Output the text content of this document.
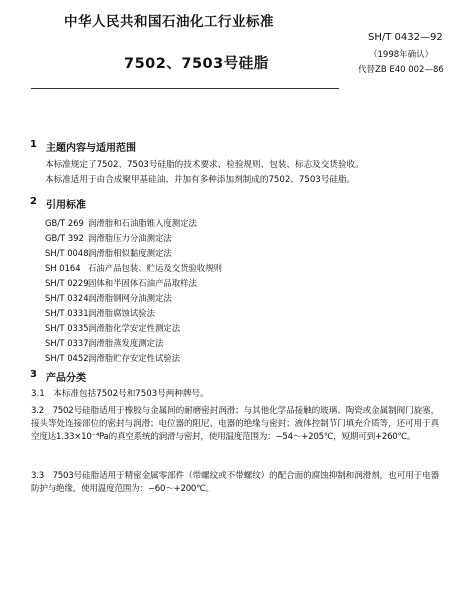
中华人民共和国石油化工行业标准
SH/T 0432—92
7502、7503号硅脂
（1998年确认）
代替ZB E40 002—86
1 主题内容与适用范围
本标准规定了7502、7503号硅脂的技术要求、检验规则、包装、标志及交货验收。
本标准适用于由合成聚甲基硅油、并加有多种添加剂制成的7502、7503号硅脂。
2 引用标准
GB/T 269 润滑脂和石油脂锥入度测定法
GB/T 392 润滑脂压力分油测定法
SH/T 0048润滑脂相似黏度测定法
SH 0164 石油产品包装、贮运及交货验收规则
SH/T 0229固体和半固体石油产品取样法
SH/T 0324润滑脂钢网分油测定法
SH/T 0331润滑脂腐蚀试验法
SH/T 0335润滑脂化学安定性测定法
SH/T 0337润滑脂蒸发度测定法
SH/T 0452润滑脂贮存安定性试验法
3 产品分类
3.1　本标准包括7502号和7503号两种牌号。
3.2　7502号硅脂适用于橡胶与金属间的耐磨密封润滑；与其他化学品接触的玻璃、陶瓷或金属制阀门旋塞，接头等处连接部位的密封与润滑；电位器的阻尼、电器的绝缘与密封；液体控制节门填充介质等，还可用于真空度达1.33×10⁻⁴Pa的真空系统的润滑与密封，使用温度范围为：−54～+205℃，短期可到+260℃。
3.3　7503号硅脂适用于精密金属零部件（带螺纹或不带螺纹）的配合面的腐蚀抑制和润滑剂，也可用于电器防护与绝缘，使用温度范围为：−60～+200℃。
